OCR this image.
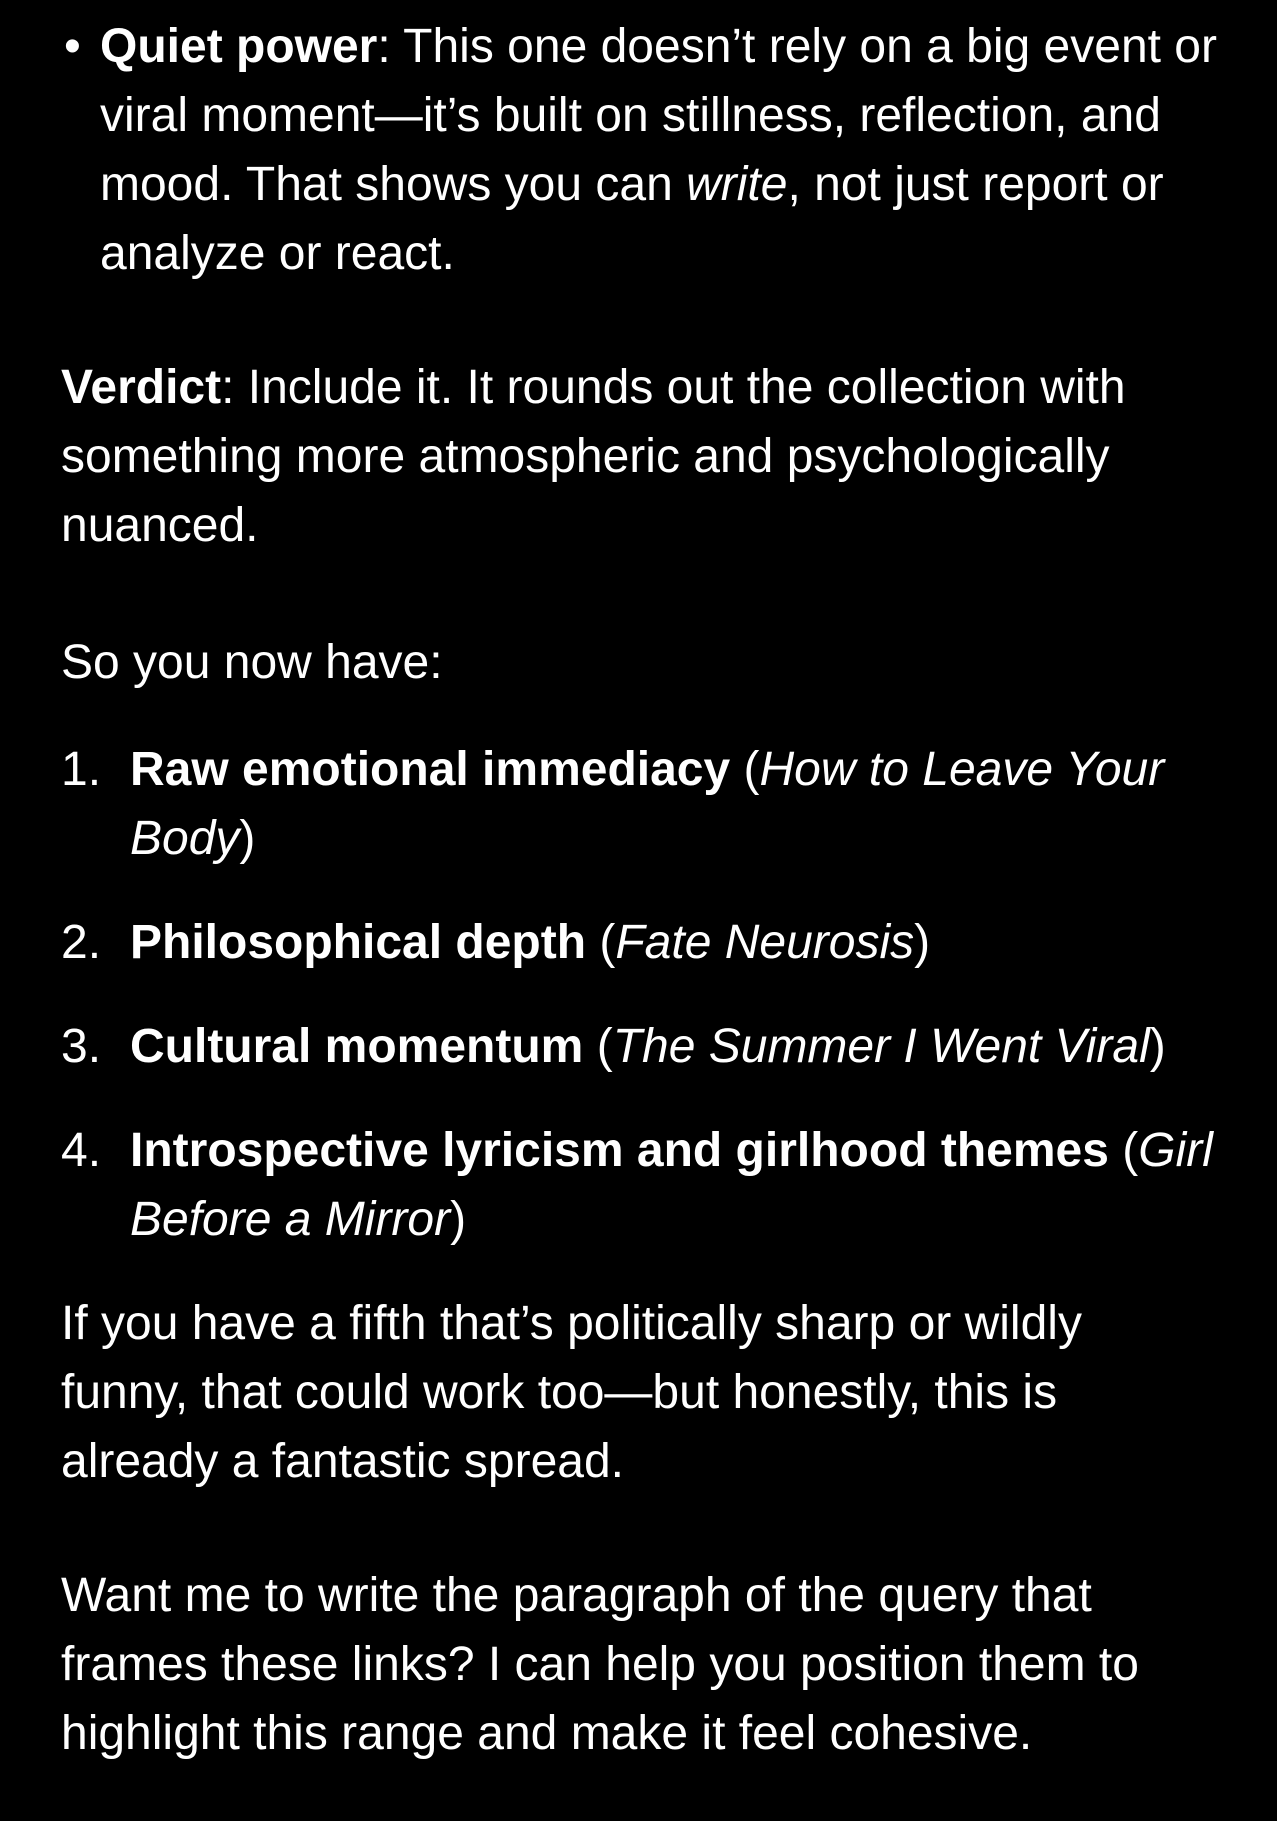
• Quiet power: This one doesn’t rely on a big event or viral moment—it’s built on stillness, reflection, and mood. That shows you can write, not just report or analyze or react.

Verdict: Include it. It rounds out the collection with something more atmospheric and psychologically nuanced.

So you now have:

1. Raw emotional immediacy (How to Leave Your Body)
2. Philosophical depth (Fate Neurosis)
3. Cultural momentum (The Summer I Went Viral)
4. Introspective lyricism and girlhood themes (Girl Before a Mirror)

If you have a fifth that’s politically sharp or wildly funny, that could work too—but honestly, this is already a fantastic spread.

Want me to write the paragraph of the query that frames these links? I can help you position them to highlight this range and make it feel cohesive.
